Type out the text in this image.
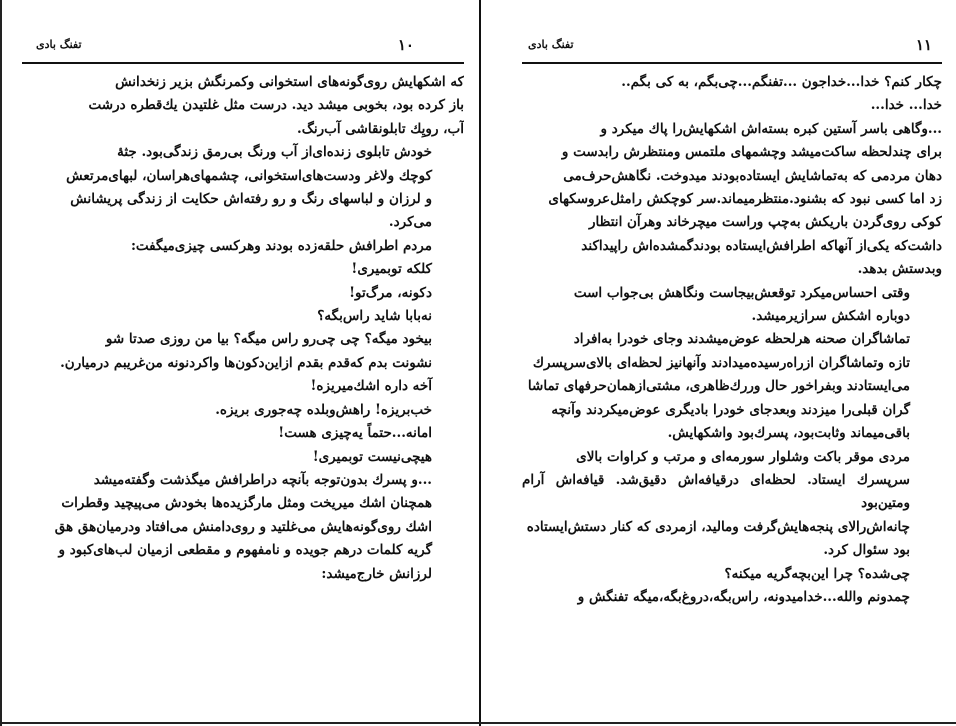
تفنگ بادی	۱۰

که اشکهایش روی‌گونه‌های استخوانی وکمرنگش بزیر زنخدانش
باز کرده بود، بخوبی میشد دید. درست مثل غلتیدن یك‌قطره درشت
آب، رویِك تابلونقاشی آب‌رنگ.

خودش تابلوی زنده‌ای‌از آب ورنگ بی‌رمق زندگی‌بود. جثهٔ
کوچك ولاغر ودست‌های‌استخوانی، چشمهای‌هراسان، لبهای‌مرتعش
و لرزان و لباسهای رنگ و رو رفته‌اش حکایت از زندگی پریشانش
می‌کرد.

مردم اطرافش حلقه‌زده بودند وهرکسی چیزی‌میگفت:

کلکه توبمیری!

دکونه، مرگ‌تو!

نه‌بابا شاید راس‌بگه؟

بیخود میگه؟ چی چی‌رو راس میگه؟ بیا من روزی صدتا شو
نشونت بدم که‌قدم بقدم ازاین‌دکون‌ها واکردنونه من‌غریبم درمیارن.

آخه داره اشك‌میریزه!

خب‌بریزه! راهش‌وبلده چه‌جوری بریزه.

امانه...حتماً یه‌چیزی هست!

هیچی‌نیست توبمیری!

...و پسرك بدون‌توجه بآنچه دراطرافش میگذشت وگفته‌میشد
همچنان اشك میریخت ومثل مارگزیده‌ها بخودش می‌پیچید وقطرات
اشك روی‌گونه‌هایش می‌غلتید و روی‌دامنش می‌افتاد ودرمیان‌هق هق
گریه کلمات درهم جویده و نامفهوم و مقطعی ازمیان لب‌های‌کبود و
لرزانش خارج‌میشد:

تفنگ بادی	۱۱

چکار کنم؟ خدا...خداجون ...تفنگم...چی‌بگم، به کی بگم..

خدا... خدا...

...وگاهی باسر آستین کبره بسته‌اش اشکهایش‌را پاك میکرد و
برای چندلحظه ساکت‌میشد وچشمهای ملتمس ومنتظرش رابدست و
دهان مردمی که به‌تماشایش ایستاده‌بودند میدوخت. نگاهش‌حرف‌می‌
زد اما کسی نبود که بشنود.منتظرمیماند.سر کوچکش رامثل‌عروسکهای
کوکی روی‌گردن باریکش به‌چپ وراست میچرخاند وهرآن انتظار
داشت‌که یکی‌از آنهاکه اطرافش‌ایستاده بودند‌گمشده‌اش راپیداکند
وبدستش بدهد.

وقتی احساس‌میکرد توقعش‌بیجاست ونگاهش بی‌جواب است
دوباره اشکش سرازیرمیشد.

تماشاگران صحنه هرلحظه عوض‌میشدند وجای خودرا به‌افراد
تازه وتماشاگران ازراه‌رسیده‌میدادند وآنهانیز لحظه‌ای بالای‌سرپسرك
می‌ایستادند وبفراخور حال وررك‌ظاهری، مشتی‌ازهمان‌حرفهای تماشا‌
گران قبلی‌را میزدند وبعدجای خودرا بادیگری عوض‌میکردند وآنچه
باقی‌میماند وثابت‌بود، پسرك‌بود واشکهایش.

مردی موقر باکت وشلوار سورمه‌ای و مرتب و کراوات بالای
سرپسرك ایستاد. لحظه‌ای درقیافه‌اش دقیق‌شد. قیافه‌اش آرام ومتین‌بود
چانه‌اش‌رالای پنجه‌هایش‌گرفت وماليد، ازمردی که کنار دستش‌ایستاده
بود سئوال کرد.

چی‌شده؟ چرا این‌بچه‌گریه میکنه؟

چمدونم والله...خدامیدونه، راس‌بگه،دروغ‌بگه،میگه تفنگش و
